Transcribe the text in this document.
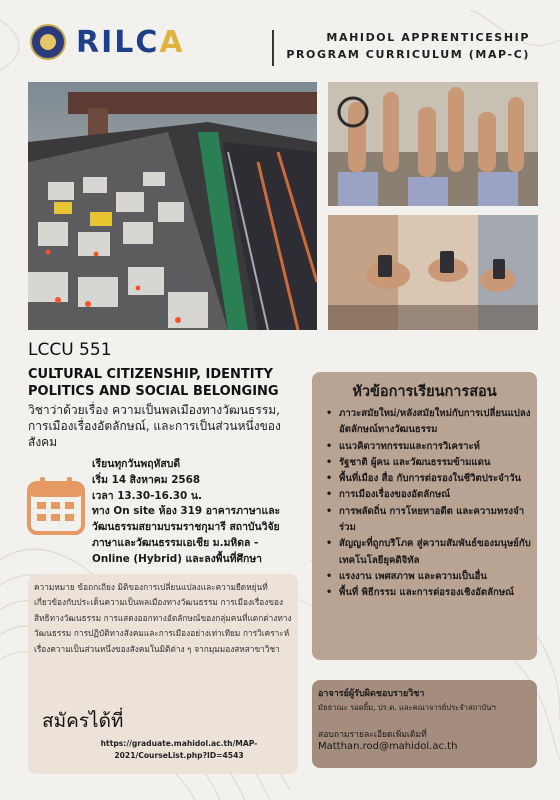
RILCA	MAHIDOL APPRENTICESHIP
PROGRAM CURRICULUM (MAP-C)
LCCU 551
CULTURAL CITIZENSHIP, IDENTITY POLITICS AND SOCIAL BELONGING
วิชาว่าด้วยเรื่อง ความเป็นพลเมืองทางวัฒนธรรม, การเมืองเรื่องอัตลักษณ์, และการเป็นส่วนหนึ่งของสังคม
เรียนทุกวันพฤหัสบดี
เริ่ม 14 สิงหาคม 2568
เวลา 13.30-16.30 น.
ทาง On site ห้อง 319 อาคารภาษาและวัฒนธรรมสยามบรมราชกุมารี สถาบันวิจัยภาษาและวัฒนธรรมเอเชีย ม.มหิดล -
Online (Hybrid) และลงพื้นที่ศึกษา
ความหมาย ข้อถกเถียง มิติของการเปลี่ยนแปลงและความยืดหยุ่นที่เกี่ยวข้องกับประเด็นความเป็นพลเมืองทางวัฒนธรรม การเมืองเรื่องของสิทธิทางวัฒนธรรม การแสดงออกทางอัตลักษณ์ของกลุ่มคนที่แตกต่างทางวัฒนธรรม การปฏิบัติทางสังคมและการเมืองอย่างเท่าเทียม การวิเคราะห์เรื่องความเป็นส่วนหนึ่งของสังคมในมิติต่าง ๆ จากมุมมองสหสาขาวิชา
สมัครได้ที่
https://graduate.mahidol.ac.th/MAP-2021/CourseList.php?ID=4543
หัวข้อการเรียนการสอน
• ภาวะสมัยใหม่/หลังสมัยใหม่กับการเปลี่ยนแปลงอัตลักษณ์ทางวัฒนธรรม
• แนวคิดวาทกรรมและการวิเคราะห์
• รัฐชาติ ผู้คน และวัฒนธรรมข้ามแดน
• พื้นที่เมือง สื่อ กับการต่อรองในชีวิตประจำวัน
• การเมืองเรื่องของอัตลักษณ์
• การพลัดถิ่น การโหยหาอดีต และความทรงจำร่วม
• สัญญะที่ถูกบริโภค สู่ความสัมพันธ์ของมนุษย์กับเทคโนโลยียุคดิจิทัล
• แรงงาน เพศสภาพ และความเป็นอื่น
• พื้นที่ พิธีกรรม และการต่อรองเชิงอัตลักษณ์
อาจารย์ผู้รับผิดชอบรายวิชา
มัธธาณะ รอดยิ้ม, ปร.ด. และคณาจารย์ประจำสถาบันฯ
สอบถามรายละเอียดเพิ่มเติมที่
Matthan.rod@mahidol.ac.th
